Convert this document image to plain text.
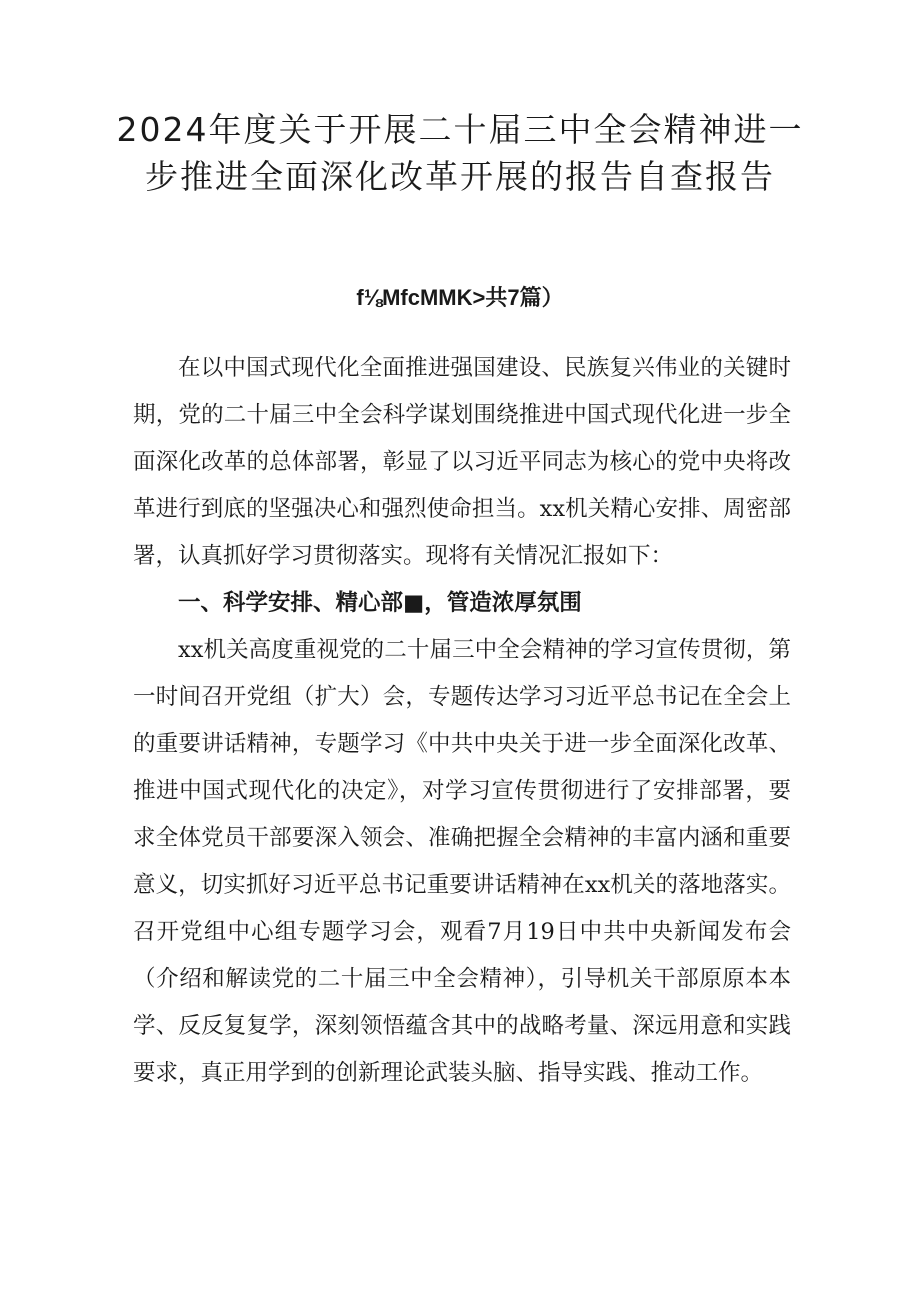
2024年度关于开展二十届三中全会精神进一步推进全面深化改革开展的报告自查报告

f⅛MfcMMK>共7篇）

在以中国式现代化全面推进强国建设、民族复兴伟业的关键时期，党的二十届三中全会科学谋划围绕推进中国式现代化进一步全面深化改革的总体部署，彰显了以习近平同志为核心的党中央将改革进行到底的坚强决心和强烈使命担当。xx机关精心安排、周密部署，认真抓好学习贯彻落实。现将有关情况汇报如下：

一、科学安排、精心部■，管造浓厚氛围

xx机关高度重视党的二十届三中全会精神的学习宣传贯彻，第一时间召开党组（扩大）会，专题传达学习习近平总书记在全会上的重要讲话精神，专题学习《中共中央关于进一步全面深化改革、推进中国式现代化的决定》，对学习宣传贯彻进行了安排部署，要求全体党员干部要深入领会、准确把握全会精神的丰富内涵和重要意义，切实抓好习近平总书记重要讲话精神在xx机关的落地落实。召开党组中心组专题学习会，观看7月19日中共中央新闻发布会（介绍和解读党的二十届三中全会精神），引导机关干部原原本本学、反反复复学，深刻领悟蕴含其中的战略考量、深远用意和实践要求，真正用学到的创新理论武装头脑、指导实践、推动工作。
